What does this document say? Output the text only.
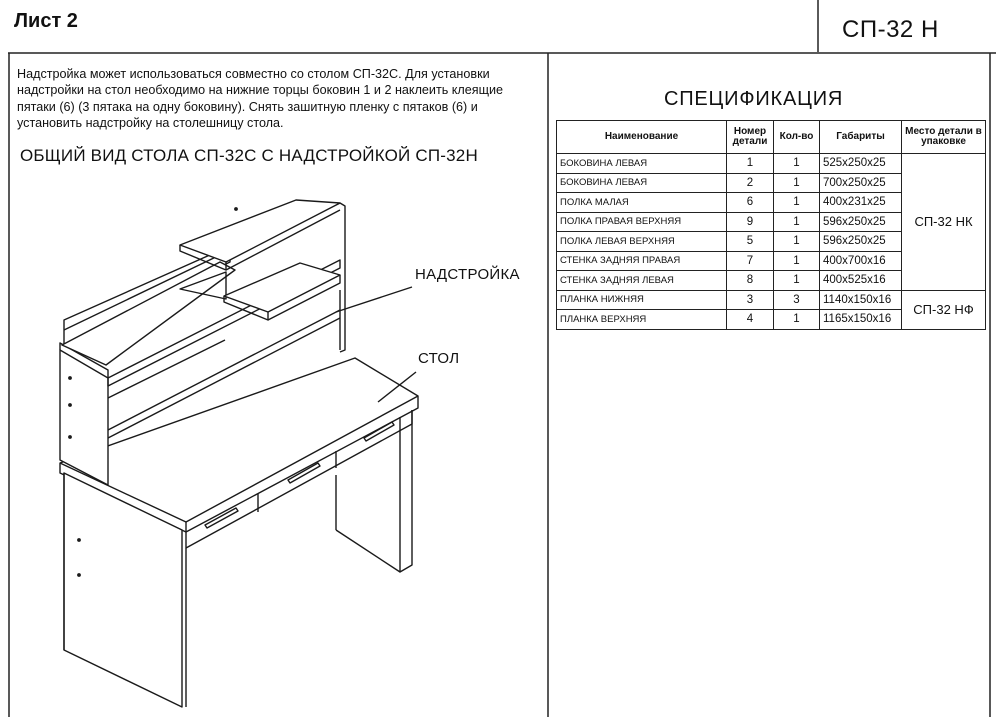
Лист 2	СП-32 Н
Надстройка может использоваться совместно со столом СП-32С. Для установки надстройки на стол необходимо на нижние торцы боковин 1 и 2 наклеить клеящие пятаки (6) (3 пятака на одну боковину). Снять зашитную пленку с пятаков (6) и установить надстройку на столешницу стола.
ОБЩИЙ ВИД СТОЛА СП-32С С НАДСТРОЙКОЙ СП-32Н
НАДСТРОЙКА
СТОЛ
СПЕЦИФИКАЦИЯ
Наименование	Номер детали	Кол-во	Габариты	Место детали в упаковке
БОКОВИНА ЛЕВАЯ	1	1	525x250x25	СП-32 НК
БОКОВИНА ЛЕВАЯ	2	1	700x250x25	
ПОЛКА МАЛАЯ	6	1	400x231x25	
ПОЛКА ПРАВАЯ ВЕРХНЯЯ	9	1	596x250x25	
ПОЛКА ЛЕВАЯ ВЕРХНЯЯ	5	1	596x250x25	
СТЕНКА ЗАДНЯЯ ПРАВАЯ	7	1	400x700x16	
СТЕНКА ЗАДНЯЯ ЛЕВАЯ	8	1	400x525x16	
ПЛАНКА НИЖНЯЯ	3	3	1140x150x16	СП-32 НФ
ПЛАНКА ВЕРХНЯЯ	4	1	1165x150x16	
